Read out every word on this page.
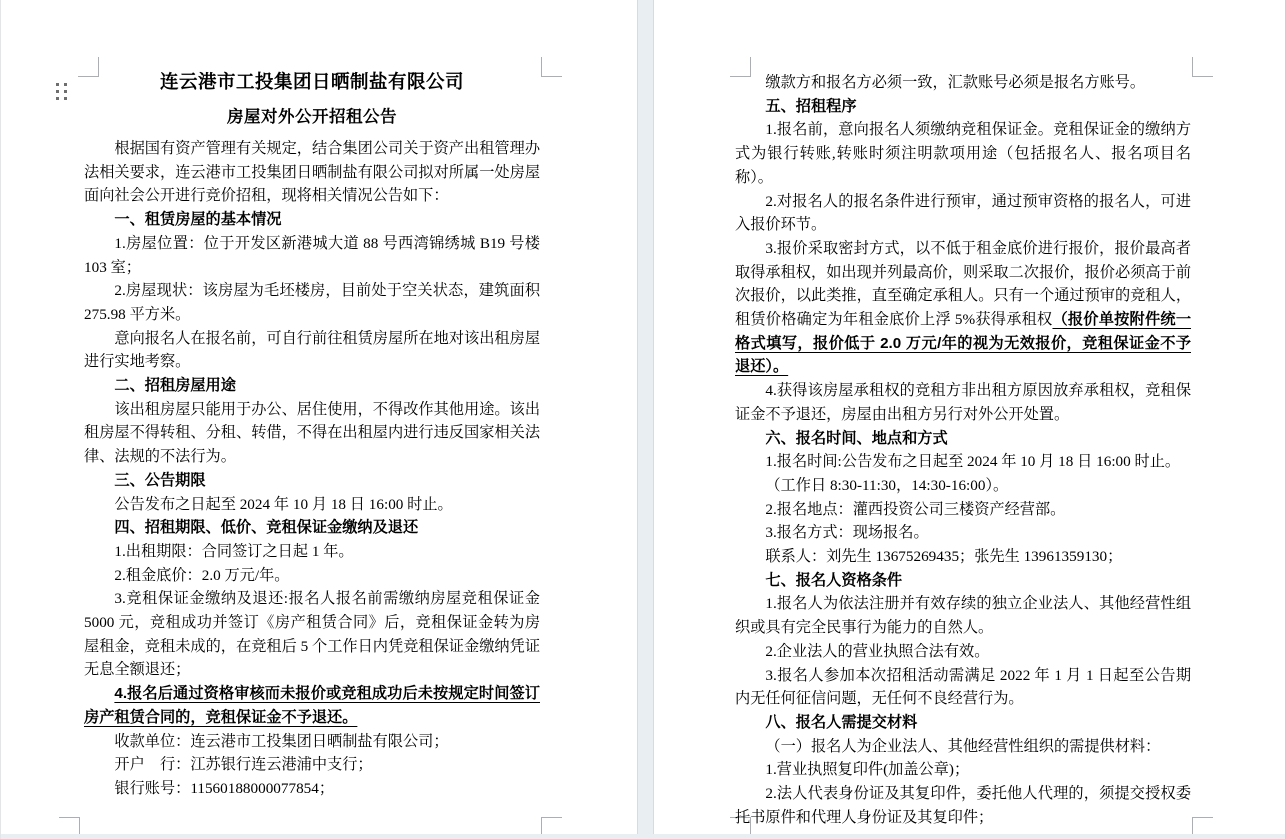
连云港市工投集团日晒制盐有限公司
房屋对外公开招租公告

根据国有资产管理有关规定，结合集团公司关于资产出租管理办法相关要求，连云港市工投集团日晒制盐有限公司拟对所属一处房屋面向社会公开进行竞价招租，现将相关情况公告如下：

一、租赁房屋的基本情况

1.房屋位置：位于开发区新港城大道 88 号西湾锦绣城 B19 号楼 103 室；

2.房屋现状：该房屋为毛坯楼房，目前处于空关状态，建筑面积 275.98 平方米。

意向报名人在报名前，可自行前往租赁房屋所在地对该出租房屋进行实地考察。

二、招租房屋用途

该出租房屋只能用于办公、居住使用，不得改作其他用途。该出租房屋不得转租、分租、转借，不得在出租屋内进行违反国家相关法律、法规的不法行为。

三、公告期限

公告发布之日起至 2024 年 10 月 18 日 16:00 时止。

四、招租期限、低价、竞租保证金缴纳及退还

1.出租期限：合同签订之日起 1 年。

2.租金底价：2.0 万元/年。

3.竞租保证金缴纳及退还:报名人报名前需缴纳房屋竞租保证金 5000 元，竞租成功并签订《房产租赁合同》后，竞租保证金转为房屋租金，竞租未成的，在竞租后 5 个工作日内凭竞租保证金缴纳凭证无息全额退还；

4.报名后通过资格审核而未报价或竞租成功后未按规定时间签订房产租赁合同的，竞租保证金不予退还。

收款单位：连云港市工投集团日晒制盐有限公司；

开户　行：江苏银行连云港浦中支行；

银行账号：11560188000077854；

缴款方和报名方必须一致，汇款账号必须是报名方账号。

五、招租程序

1.报名前，意向报名人须缴纳竞租保证金。竞租保证金的缴纳方式为银行转账,转账时须注明款项用途（包括报名人、报名项目名称）。

2.对报名人的报名条件进行预审，通过预审资格的报名人，可进入报价环节。

3.报价采取密封方式，以不低于租金底价进行报价，报价最高者取得承租权，如出现并列最高价，则采取二次报价，报价必须高于前次报价，以此类推，直至确定承租人。只有一个通过预审的竞租人，租赁价格确定为年租金底价上浮 5%获得承租权（报价单按附件统一格式填写，报价低于 2.0 万元/年的视为无效报价，竞租保证金不予退还）。

4.获得该房屋承租权的竞租方非出租方原因放弃承租权，竞租保证金不予退还，房屋由出租方另行对外公开处置。

六、报名时间、地点和方式

1.报名时间:公告发布之日起至 2024 年 10 月 18 日 16:00 时止。

（工作日 8:30-11:30，14:30-16:00）。

2.报名地点：灌西投资公司三楼资产经营部。

3.报名方式：现场报名。

联系人：刘先生 13675269435；张先生 13961359130；

七、报名人资格条件

1.报名人为依法注册并有效存续的独立企业法人、其他经营性组织或具有完全民事行为能力的自然人。

2.企业法人的营业执照合法有效。

3.报名人参加本次招租活动需满足 2022 年 1 月 1 日起至公告期内无任何征信问题，无任何不良经营行为。

八、报名人需提交材料

（一）报名人为企业法人、其他经营性组织的需提供材料：

1.营业执照复印件(加盖公章)；

2.法人代表身份证及其复印件，委托他人代理的，须提交授权委托书原件和代理人身份证及其复印件；
